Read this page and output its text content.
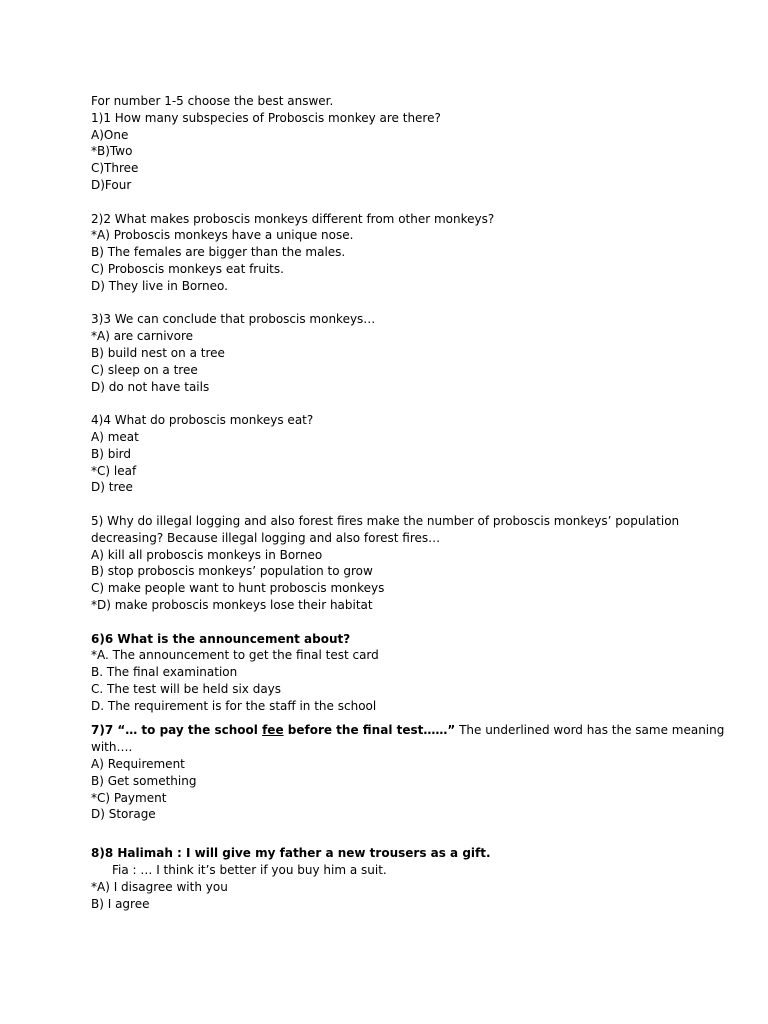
For number 1-5 choose the best answer.
1)1 How many subspecies of Proboscis monkey are there?
A)One
*B)Two
C)Three
D)Four
2)2 What makes proboscis monkeys different from other monkeys?
*A) Proboscis monkeys have a unique nose.
B) The females are bigger than the males.
C) Proboscis monkeys eat fruits.
D) They live in Borneo.
3)3 We can conclude that proboscis monkeys…
*A) are carnivore
B) build nest on a tree
C) sleep on a tree
D) do not have tails
4)4 What do proboscis monkeys eat?
A) meat
B) bird
*C) leaf
D) tree
5) Why do illegal logging and also forest fires make the number of proboscis monkeys’ population
decreasing? Because illegal logging and also forest fires…
A) kill all proboscis monkeys in Borneo
B) stop proboscis monkeys’ population to grow
C) make people want to hunt proboscis monkeys
*D) make proboscis monkeys lose their habitat
6)6 What is the announcement about?
*A. The announcement to get the final test card
B. The final examination
C. The test will be held six days
D. The requirement is for the staff in the school
7)7 “… to pay the school fee before the final test……” The underlined word has the same meaning
with….
A) Requirement
B) Get something
*C) Payment
D) Storage
8)8 Halimah : I will give my father a new trousers as a gift.
Fia : … I think it’s better if you buy him a suit.
*A) I disagree with you
B) I agree
